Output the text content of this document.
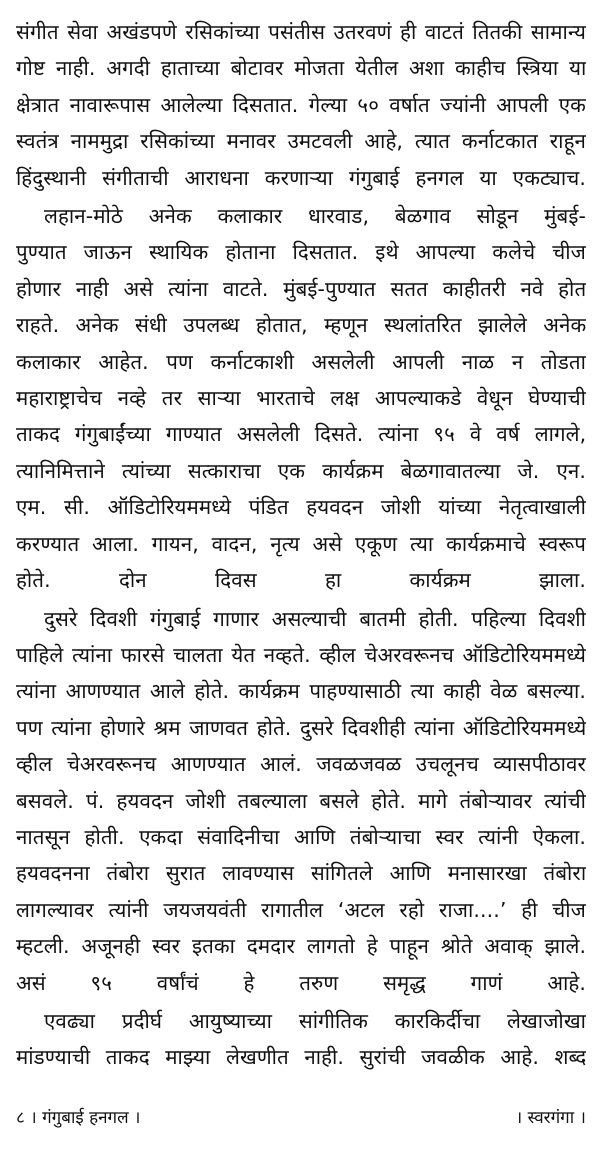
संगीत सेवा अखंडपणे रसिकांच्या पसंतीस उतरवणं ही वाटतं तितकी सामान्य
गोष्ट नाही. अगदी हाताच्या बोटावर मोजता येतील अशा काहीच स्त्रिया या
क्षेत्रात नावारूपास आलेल्या दिसतात. गेल्या ५० वर्षात ज्यांनी आपली एक
स्वतंत्र नाममुद्रा रसिकांच्या मनावर उमटवली आहे, त्यात कर्नाटकात राहून
हिंदुस्थानी संगीताची आराधना करणाऱ्या गंगुबाई हनगल या एकट्याच.

लहान-मोठे अनेक कलाकार धारवाड, बेळगाव सोडून मुंबई-
पुण्यात जाऊन स्थायिक होताना दिसतात. इथे आपल्या कलेचे चीज
होणार नाही असे त्यांना वाटते. मुंबई-पुण्यात सतत काहीतरी नवे होत
राहते. अनेक संधी उपलब्ध होतात, म्हणून स्थलांतरित झालेले अनेक
कलाकार आहेत. पण कर्नाटकाशी असलेली आपली नाळ न तोडता
महाराष्ट्राचेच नव्हे तर साऱ्या भारताचे लक्ष आपल्याकडे वेधून घेण्याची
ताकद गंगुबाईंच्या गाण्यात असलेली दिसते. त्यांना ९५ वे वर्ष लागले,
त्यानिमित्ताने त्यांच्या सत्काराचा एक कार्यक्रम बेळगावातल्या जे. एन.
एम. सी. ऑडिटोरियममध्ये पंडित हयवदन जोशी यांच्या नेतृत्वाखाली
करण्यात आला. गायन, वादन, नृत्य असे एकूण त्या कार्यक्रमाचे स्वरूप
होते. दोन दिवस हा कार्यक्रम झाला.

दुसरे दिवशी गंगुबाई गाणार असल्याची बातमी होती. पहिल्या दिवशी
पाहिले त्यांना फारसे चालता येत नव्हते. व्हील चेअरवरूनच ऑडिटोरियममध्ये
त्यांना आणण्यात आले होते. कार्यक्रम पाहण्यासाठी त्या काही वेळ बसल्या.
पण त्यांना होणारे श्रम जाणवत होते. दुसरे दिवशीही त्यांना ऑडिटोरियममध्ये
व्हील चेअरवरूनच आणण्यात आलं. जवळजवळ उचलूनच व्यासपीठावर
बसवले. पं. हयवदन जोशी तबल्याला बसले होते. मागे तंबोऱ्यावर त्यांची
नातसून होती. एकदा संवादिनीचा आणि तंबोऱ्याचा स्वर त्यांनी ऐकला.
हयवदनना तंबोरा सुरात लावण्यास सांगितले आणि मनासारखा तंबोरा
लागल्यावर त्यांनी जयजयवंती रागातील ‘अटल रहो राजा....’ ही चीज
म्हटली. अजूनही स्वर इतका दमदार लागतो हे पाहून श्रोते अवाक् झाले.
असं ९५ वर्षांचं हे तरुण समृद्ध गाणं आहे.

एवढ्या प्रदीर्घ आयुष्याच्या सांगीतिक कारकिर्दीचा लेखाजोखा
मांडण्याची ताकद माझ्या लेखणीत नाही. सुरांची जवळीक आहे. शब्द

८ । गंगुबाई हनगल ।	। स्वरगंगा ।
